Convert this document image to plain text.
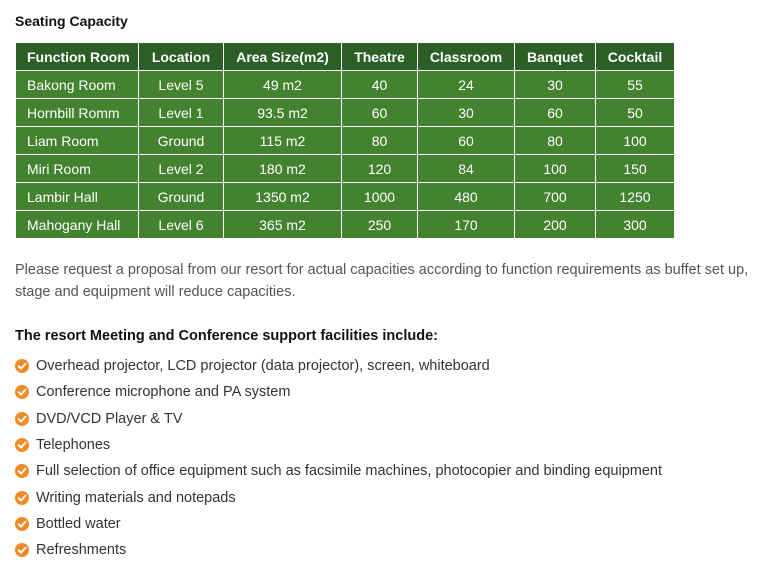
Seating Capacity
Function Room	Location	Area Size(m2)	Theatre	Classroom	Banquet	Cocktail
Bakong Room	Level 5	49 m2	40	24	30	55
Hornbill Romm	Level 1	93.5 m2	60	30	60	50
Liam Room	Ground	115 m2	80	60	80	100
Miri Room	Level 2	180 m2	120	84	100	150
Lambir Hall	Ground	1350 m2	1000	480	700	1250
Mahogany Hall	Level 6	365 m2	250	170	200	300

Please request a proposal from our resort for actual capacities according to function requirements as buffet set up, stage and equipment will reduce capacities.

The resort Meeting and Conference support facilities include:
Overhead projector, LCD projector (data projector), screen, whiteboard
Conference microphone and PA system
DVD/VCD Player & TV
Telephones
Full selection of office equipment such as facsimile machines, photocopier and binding equipment
Writing materials and notepads
Bottled water
Refreshments
